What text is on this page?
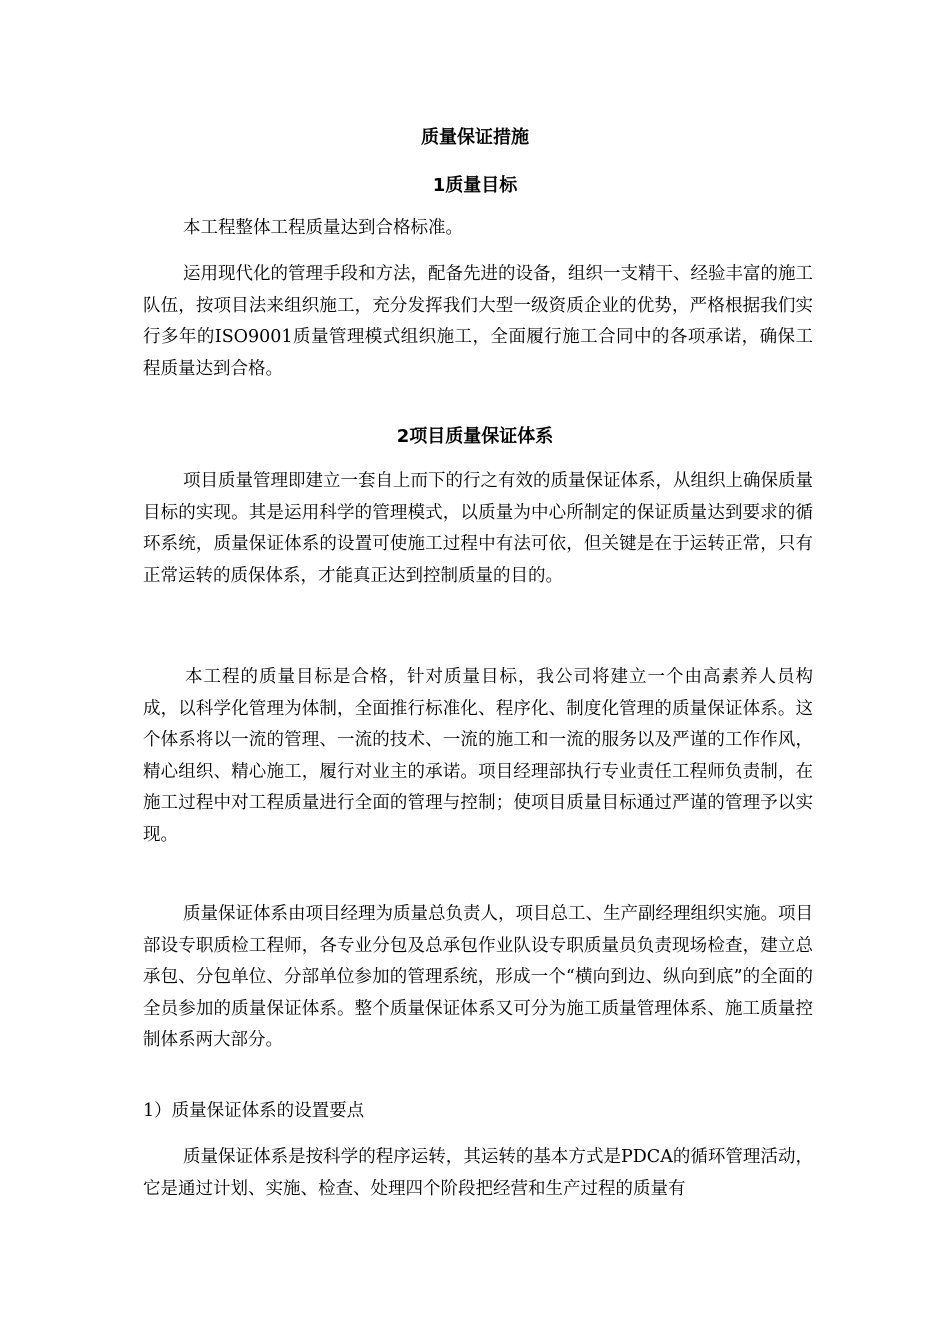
质量保证措施
1质量目标
本工程整体工程质量达到合格标准。
运用现代化的管理手段和方法，配备先进的设备，组织一支精干、经验丰富的施工队伍，按项目法来组织施工，充分发挥我们大型一级资质企业的优势，严格根据我们实行多年的ISO9001质量管理模式组织施工，全面履行施工合同中的各项承诺，确保工程质量达到合格。
2项目质量保证体系
项目质量管理即建立一套自上而下的行之有效的质量保证体系，从组织上确保质量目标的实现。其是运用科学的管理模式，以质量为中心所制定的保证质量达到要求的循环系统，质量保证体系的设置可使施工过程中有法可依，但关键是在于运转正常，只有正常运转的质保体系，才能真正达到控制质量的目的。
本工程的质量目标是合格，针对质量目标，我公司将建立一个由高素养人员构成，以科学化管理为体制，全面推行标准化、程序化、制度化管理的质量保证体系。这个体系将以一流的管理、一流的技术、一流的施工和一流的服务以及严谨的工作作风，精心组织、精心施工，履行对业主的承诺。项目经理部执行专业责任工程师负责制，在施工过程中对工程质量进行全面的管理与控制；使项目质量目标通过严谨的管理予以实现。
质量保证体系由项目经理为质量总负责人，项目总工、生产副经理组织实施。项目部设专职质检工程师，各专业分包及总承包作业队设专职质量员负责现场检查，建立总承包、分包单位、分部单位参加的管理系统，形成一个“横向到边、纵向到底”的全面的全员参加的质量保证体系。整个质量保证体系又可分为施工质量管理体系、施工质量控制体系两大部分。
1）质量保证体系的设置要点
质量保证体系是按科学的程序运转，其运转的基本方式是PDCA的循环管理活动，它是通过计划、实施、检查、处理四个阶段把经营和生产过程的质量有
